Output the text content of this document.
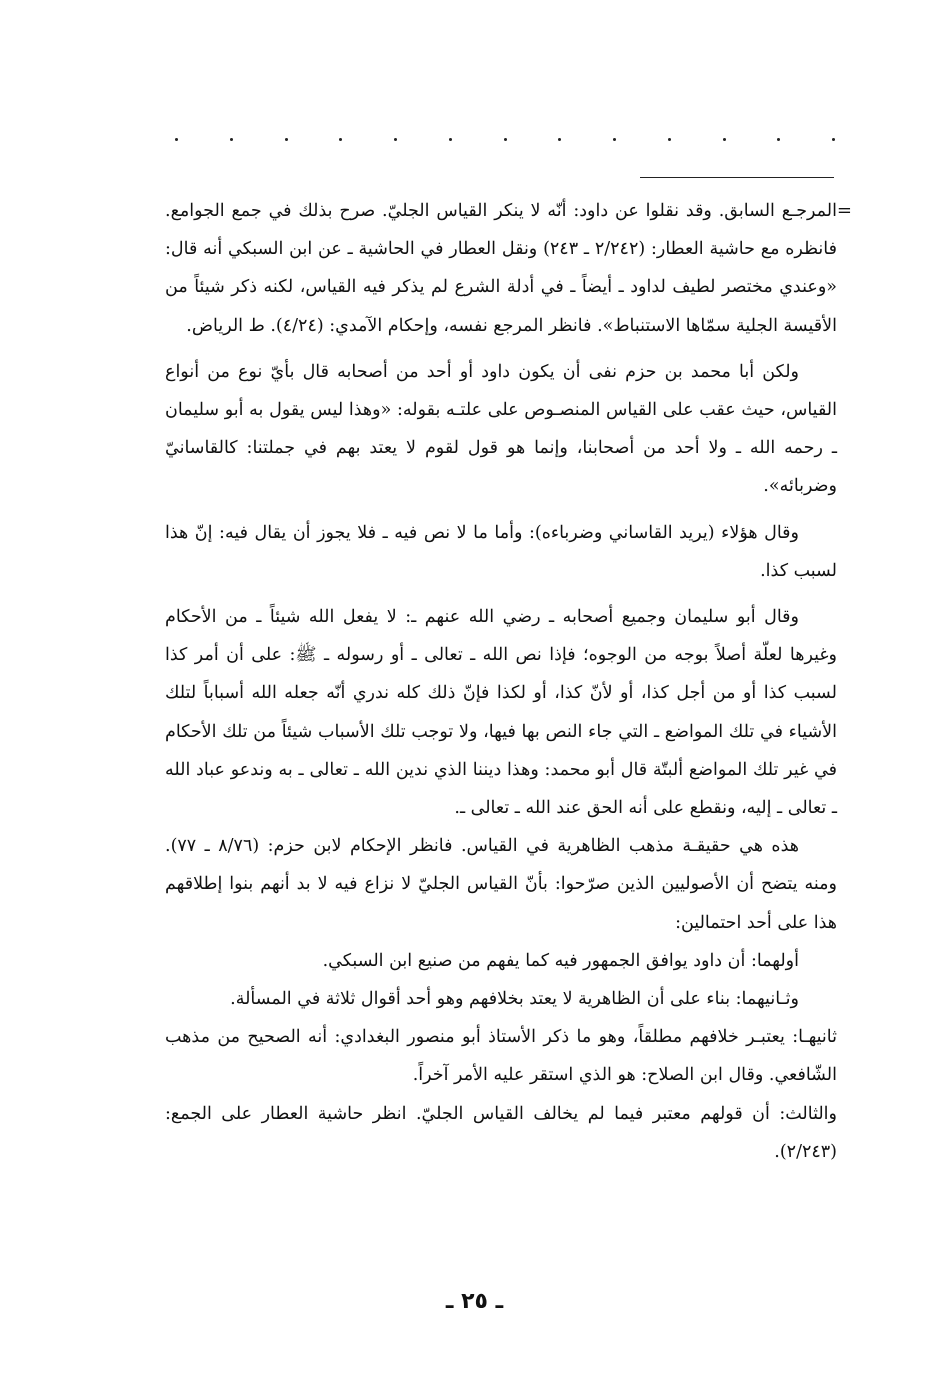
=

المرجـع السابق. وقد نقلوا عن داود: أنّه لا ينكر القياس الجليّ. صرح بذلك في جمع الجوامع. فانظره مع حاشية العطار: (٢/٢٤٢ ـ ٢٤٣) ونقل العطار في الحاشية ـ عن ابن السبكي أنه قال: «وعندي مختصر لطيف لداود ـ أيضاً ـ في أدلة الشرع لم يذكر فيه القياس، لكنه ذكر شيئاً من الأقيسة الجلية سمّاها الاستنباط». فانظر المرجع نفسه، وإحكام الآمدي: (٤/٢٤). ط الرياض.

ولكن أبا محمد بن حزم نفى أن يكون داود أو أحد من أصحابه قال بأيّ نوع من أنواع القياس، حيث عقب على القياس المنصـوص على علتـه بقوله: «وهذا ليس يقول به أبو سليمان ـ رحمه الله ـ ولا أحد من أصحابنا، وإنما هو قول لقوم لا يعتد بهم في جملتنا: كالقاسانيّ وضربائه».

وقال هؤلاء (يريد القاساني وضرباءه): وأما ما لا نص فيه ـ فلا يجوز أن يقال فيه: إنّ هذا لسبب كذا.

وقال أبو سليمان وجميع أصحابه ـ رضي الله عنهم ـ: لا يفعل الله شيئاً ـ من الأحكام وغيرها لعلّة أصلاً بوجه من الوجوه؛ فإذا نص الله ـ تعالى ـ أو رسوله ـ ﷺ: على أن أمر كذا لسبب كذا أو من أجل كذا، أو لأنّ كذا، أو لكذا فإنّ ذلك كله ندري أنّه جعله الله أسباباً لتلك الأشياء في تلك المواضع ـ التي جاء النص بها فيها، ولا توجب تلك الأسباب شيئاً من تلك الأحكام في غير تلك المواضع ألبتّة قال أبو محمد: وهذا ديننا الذي ندين الله ـ تعالى ـ به وندعو عباد الله ـ تعالى ـ إليه، ونقطع على أنه الحق عند الله ـ تعالى ـ.

هذه هي حقيقـة مذهب الظاهرية في القياس. فانظر الإحكام لابن حزم: (٨/٧٦ ـ ٧٧). ومنه يتضح أن الأصوليين الذين صرّحوا: بأنّ القياس الجليّ لا نزاع فيه لا بد أنهم بنوا إطلاقهم هذا على أحد احتمالين:

أولهما: أن داود يوافق الجمهور فيه كما يفهم من صنيع ابن السبكي.

وثـانيهما: بناء على أن الظاهرية لا يعتد بخلافهم وهو أحد أقوال ثلاثة في المسألة.

ثانيهـا: يعتبـر خلافهم مطلقاً، وهو ما ذكر الأستاذ أبو منصور البغدادي: أنه الصحيح من مذهب الشّافعي. وقال ابن الصلاح: هو الذي استقر عليه الأمر آخراً.

والثالث: أن قولهم معتبر فيما لم يخالف القياس الجليّ. انظر حاشية العطار على الجمع: (٢/٢٤٣).

ـ ٢٥ ـ
